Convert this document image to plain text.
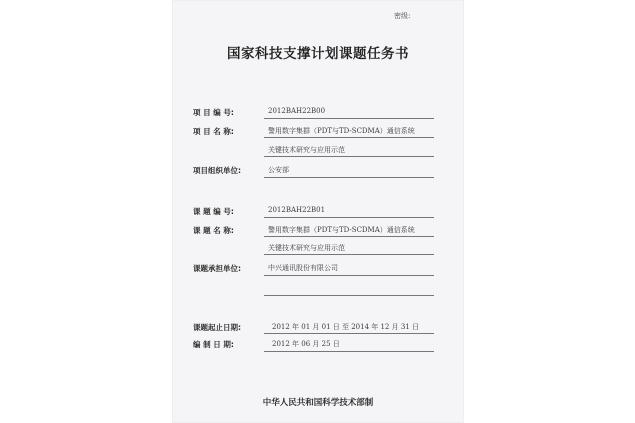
密级:
国家科技支撑计划课题任务书
项 目 编 号:	2012BAH22B00
项 目 名 称:	警用数字集群（PDT与TD-SCDMA）通信系统
关键技术研究与应用示范
项目组织单位:	公安部
课 题 编 号:	2012BAH22B01
课 题 名 称:	警用数字集群（PDT与TD-SCDMA）通信系统
关键技术研究与应用示范
课题承担单位:	中兴通讯股份有限公司
课题起止日期:	2012 年 01 月 01 日 至 2014 年 12 月 31 日
编 制 日 期:	2012 年 06 月 25 日
中华人民共和国科学技术部制
